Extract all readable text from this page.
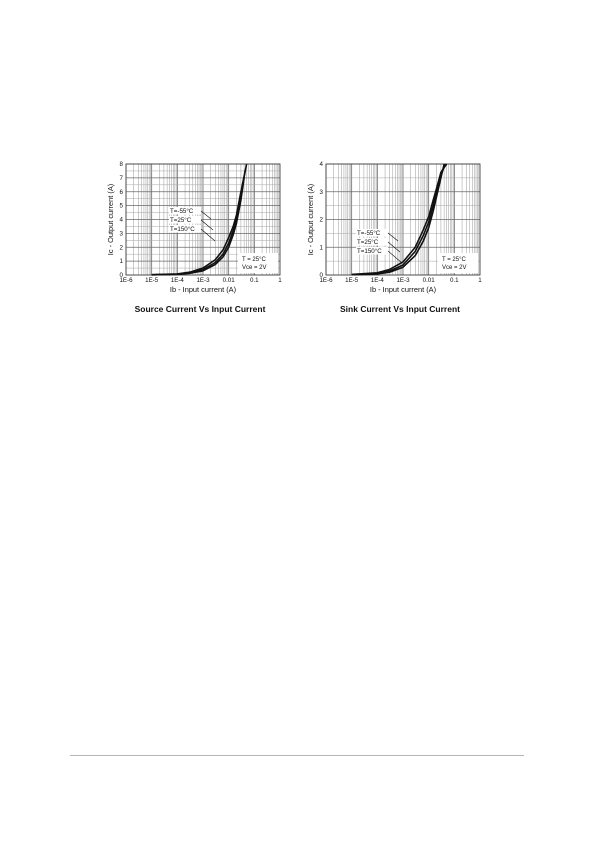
1E-6 1E-5 1E-4 1E-3 0.01 0.1	1
0
1
2
3
4
5
6
7
8
Ib - Input current (A)
Ic - Output current (A)	T=-55°C
T=25°C
T=150°C
T = 25°C
Vce = 2V
Source Current Vs Input Current
1E-6 1E-5 1E-4 1E-3 0.01 0.1	1
0
1
2
3
4
Ib - Input current (A)
Ic - Output current (A)	T=-55°C
T=25°C
T=150°C
T = 25°C
Vce = 2V
Sink Current Vs Input Current
